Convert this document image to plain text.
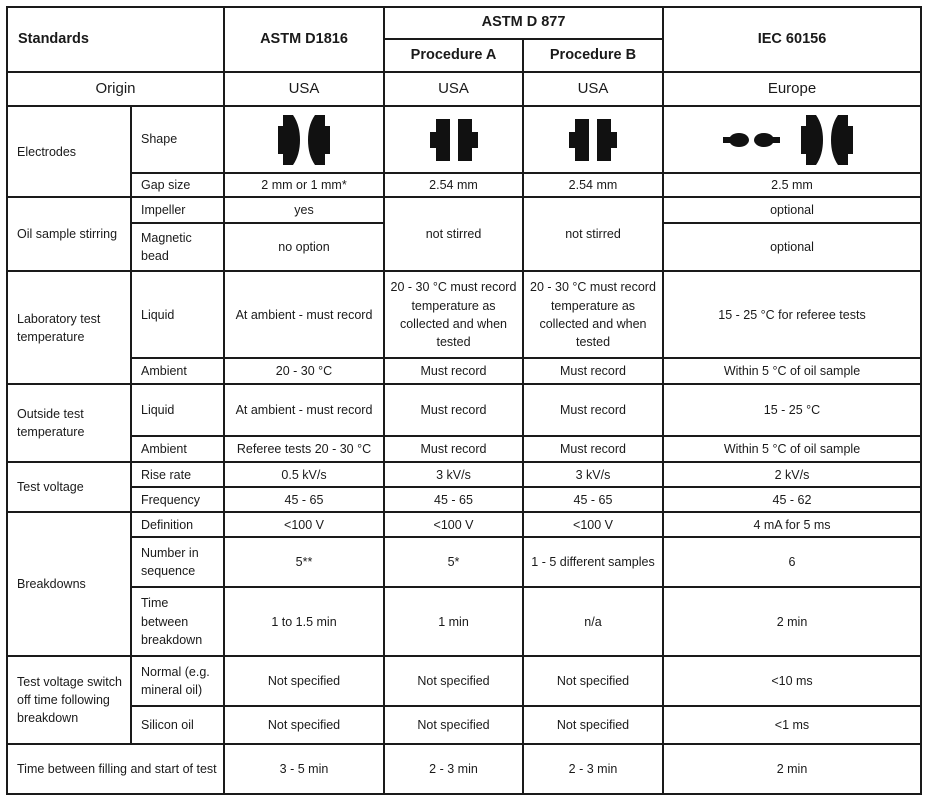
Standards		ASTM D1816	ASTM D 877		IEC 60156
			Procedure A	Procedure B	
Origin		USA	USA	USA	Europe
Electrodes	Shape	

	Gap size	2 mm or 1 mm*	2.54 mm	2.54 mm	2.5 mm
Oil sample stirring	Impeller	yes	not stirred	not stirred	optional
	Magnetic bead	no option			optional
Laboratory test temperature	Liquid	At ambient - must record	20 - 30 °C must record temperature as collected and when tested	20 - 30 °C must record temperature as collected and when tested	15 - 25 °C for referee tests
	Ambient	20 - 30 °C	Must record	Must record	Within 5 °C of oil sample
Outside test temperature	Liquid	At ambient - must record	Must record	Must record	15 - 25 °C
	Ambient	Referee tests 20 - 30 °C	Must record	Must record	Within 5 °C of oil sample
Test voltage	Rise rate	0.5 kV/s	3 kV/s	3 kV/s	2 kV/s
	Frequency	45 - 65	45 - 65	45 - 65	45 - 62
Breakdowns	Definition	<100 V	<100 V	<100 V	4 mA for 5 ms
	Number in sequence	5**	5*	1 - 5 different samples	6
	Time between breakdown	1 to 1.5 min	1 min	n/a	2 min
Test voltage switch off time following breakdown	Normal (e.g. mineral oil)	Not specified	Not specified	Not specified	<10 ms
	Silicon oil	Not specified	Not specified	Not specified	<1 ms
Time between filling and start of test		3 - 5 min	2 - 3 min	2 - 3 min	2 min
